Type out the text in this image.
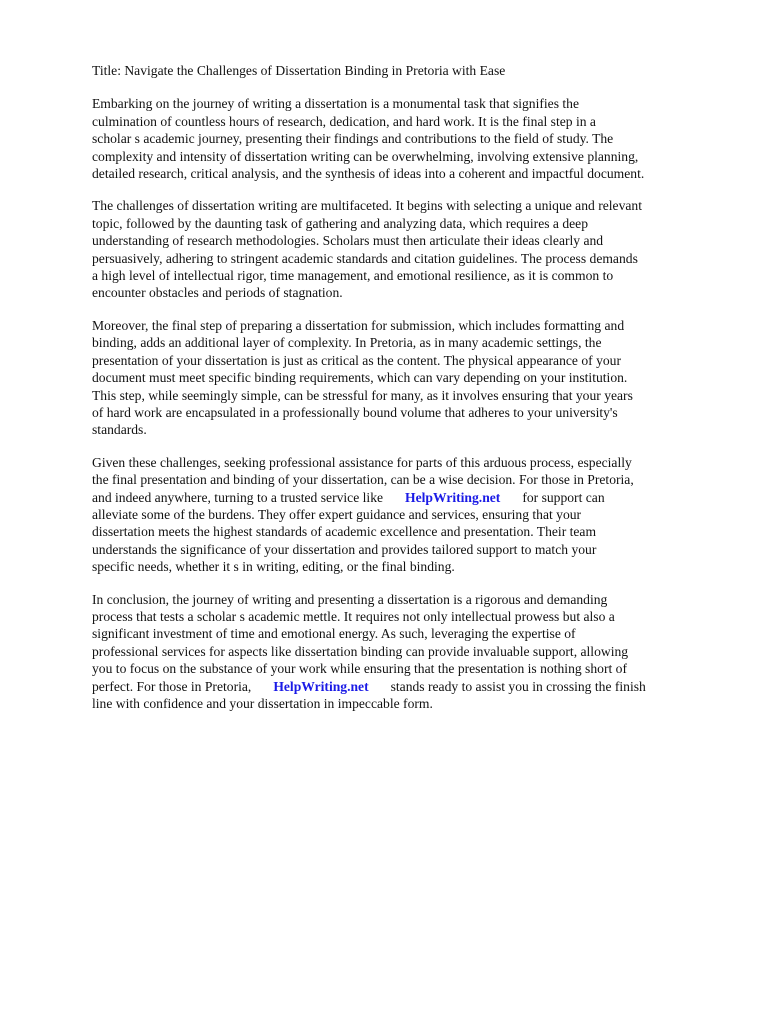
Title: Navigate the Challenges of Dissertation Binding in Pretoria with Ease
Embarking on the journey of writing a dissertation is a monumental task that signifies the
culmination of countless hours of research, dedication, and hard work. It is the final step in a
scholar s academic journey, presenting their findings and contributions to the field of study. The
complexity and intensity of dissertation writing can be overwhelming, involving extensive planning,
detailed research, critical analysis, and the synthesis of ideas into a coherent and impactful document.
The challenges of dissertation writing are multifaceted. It begins with selecting a unique and relevant
topic, followed by the daunting task of gathering and analyzing data, which requires a deep
understanding of research methodologies. Scholars must then articulate their ideas clearly and
persuasively, adhering to stringent academic standards and citation guidelines. The process demands
a high level of intellectual rigor, time management, and emotional resilience, as it is common to
encounter obstacles and periods of stagnation.
Moreover, the final step of preparing a dissertation for submission, which includes formatting and
binding, adds an additional layer of complexity. In Pretoria, as in many academic settings, the
presentation of your dissertation is just as critical as the content. The physical appearance of your
document must meet specific binding requirements, which can vary depending on your institution.
This step, while seemingly simple, can be stressful for many, as it involves ensuring that your years
of hard work are encapsulated in a professionally bound volume that adheres to your university's
standards.
Given these challenges, seeking professional assistance for parts of this arduous process, especially
the final presentation and binding of your dissertation, can be a wise decision. For those in Pretoria,
and indeed anywhere, turning to a trusted service like HelpWriting.net for support can
alleviate some of the burdens. They offer expert guidance and services, ensuring that your
dissertation meets the highest standards of academic excellence and presentation. Their team
understands the significance of your dissertation and provides tailored support to match your
specific needs, whether it s in writing, editing, or the final binding.
In conclusion, the journey of writing and presenting a dissertation is a rigorous and demanding
process that tests a scholar s academic mettle. It requires not only intellectual prowess but also a
significant investment of time and emotional energy. As such, leveraging the expertise of
professional services for aspects like dissertation binding can provide invaluable support, allowing
you to focus on the substance of your work while ensuring that the presentation is nothing short of
perfect. For those in Pretoria, HelpWriting.net stands ready to assist you in crossing the finish
line with confidence and your dissertation in impeccable form.
